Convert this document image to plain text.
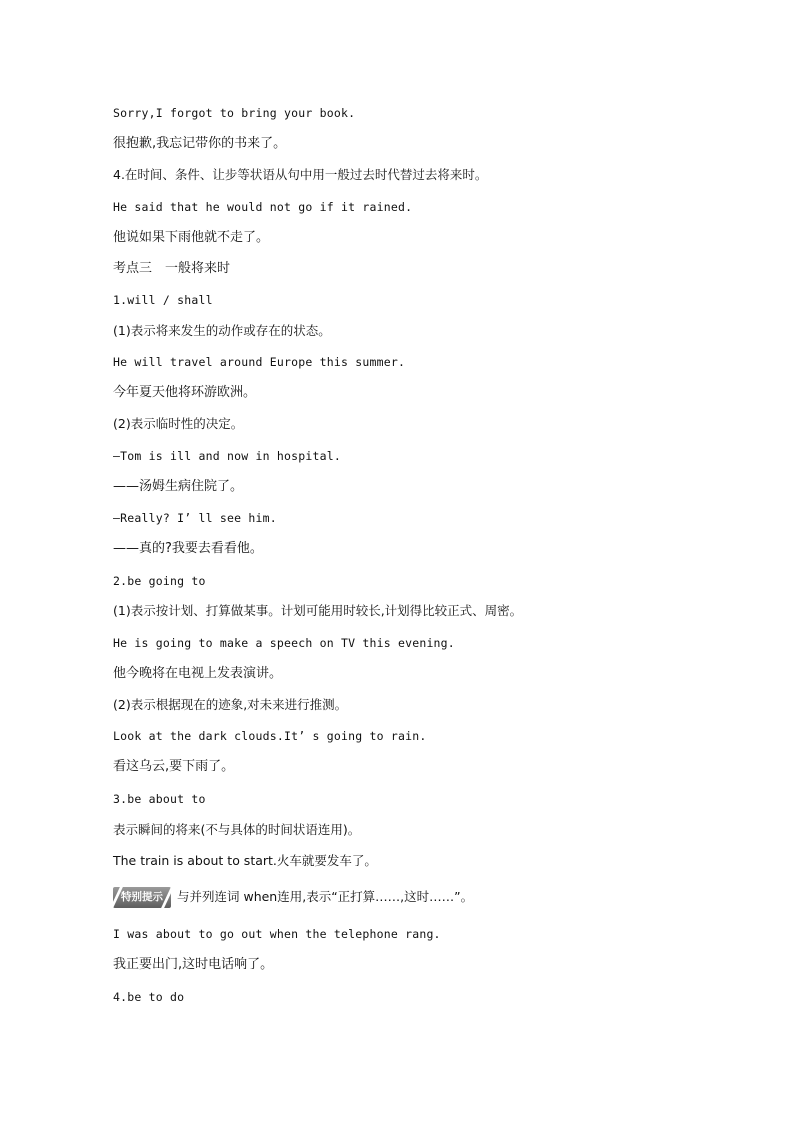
Sorry,I forgot to bring your book.
很抱歉,我忘记带你的书来了。
4.在时间、条件、让步等状语从句中用一般过去时代替过去将来时。
He said that he would not go if it rained.
他说如果下雨他就不走了。
考点三　一般将来时
1.will / shall
(1)表示将来发生的动作或存在的状态。
He will travel around Europe this summer.
今年夏天他将环游欧洲。
(2)表示临时性的决定。
—Tom is ill and now in hospital.
——汤姆生病住院了。
—Really? I’ ll see him.
——真的?我要去看看他。
2.be going to
(1)表示按计划、打算做某事。计划可能用时较长,计划得比较正式、周密。
He is going to make a speech on TV this evening.
他今晚将在电视上发表演讲。
(2)表示根据现在的迹象,对未来进行推测。
Look at the dark clouds.It’ s going to rain.
看这乌云,要下雨了。
3.be about to
表示瞬间的将来(不与具体的时间状语连用)。
The train is about to start.火车就要发车了。
特别提示 与并列连词 when连用,表示“正打算……,这时……”。
I was about to go out when the telephone rang.
我正要出门,这时电话响了。
4.be to do
